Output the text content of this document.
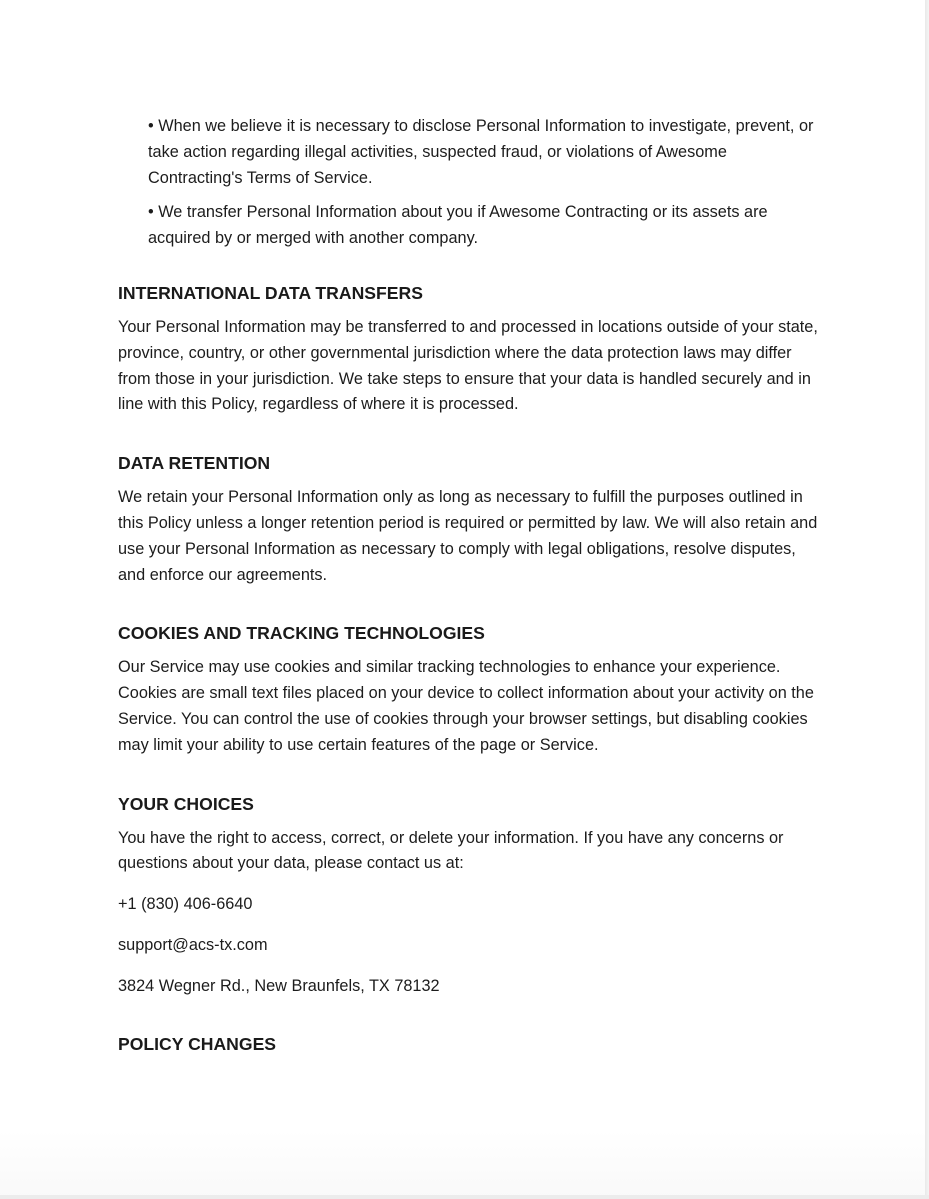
• When we believe it is necessary to disclose Personal Information to investigate, prevent, or take action regarding illegal activities, suspected fraud, or violations of Awesome Contracting's Terms of Service.

• We transfer Personal Information about you if Awesome Contracting or its assets are acquired by or merged with another company.

INTERNATIONAL DATA TRANSFERS

Your Personal Information may be transferred to and processed in locations outside of your state, province, country, or other governmental jurisdiction where the data protection laws may differ from those in your jurisdiction. We take steps to ensure that your data is handled securely and in line with this Policy, regardless of where it is processed.

DATA RETENTION

We retain your Personal Information only as long as necessary to fulfill the purposes outlined in this Policy unless a longer retention period is required or permitted by law. We will also retain and use your Personal Information as necessary to comply with legal obligations, resolve disputes, and enforce our agreements.

COOKIES AND TRACKING TECHNOLOGIES

Our Service may use cookies and similar tracking technologies to enhance your experience. Cookies are small text files placed on your device to collect information about your activity on the Service. You can control the use of cookies through your browser settings, but disabling cookies may limit your ability to use certain features of the page or Service.

YOUR CHOICES

You have the right to access, correct, or delete your information. If you have any concerns or questions about your data, please contact us at:

+1 (830) 406-6640

support@acs-tx.com

3824 Wegner Rd., New Braunfels, TX 78132

POLICY CHANGES
